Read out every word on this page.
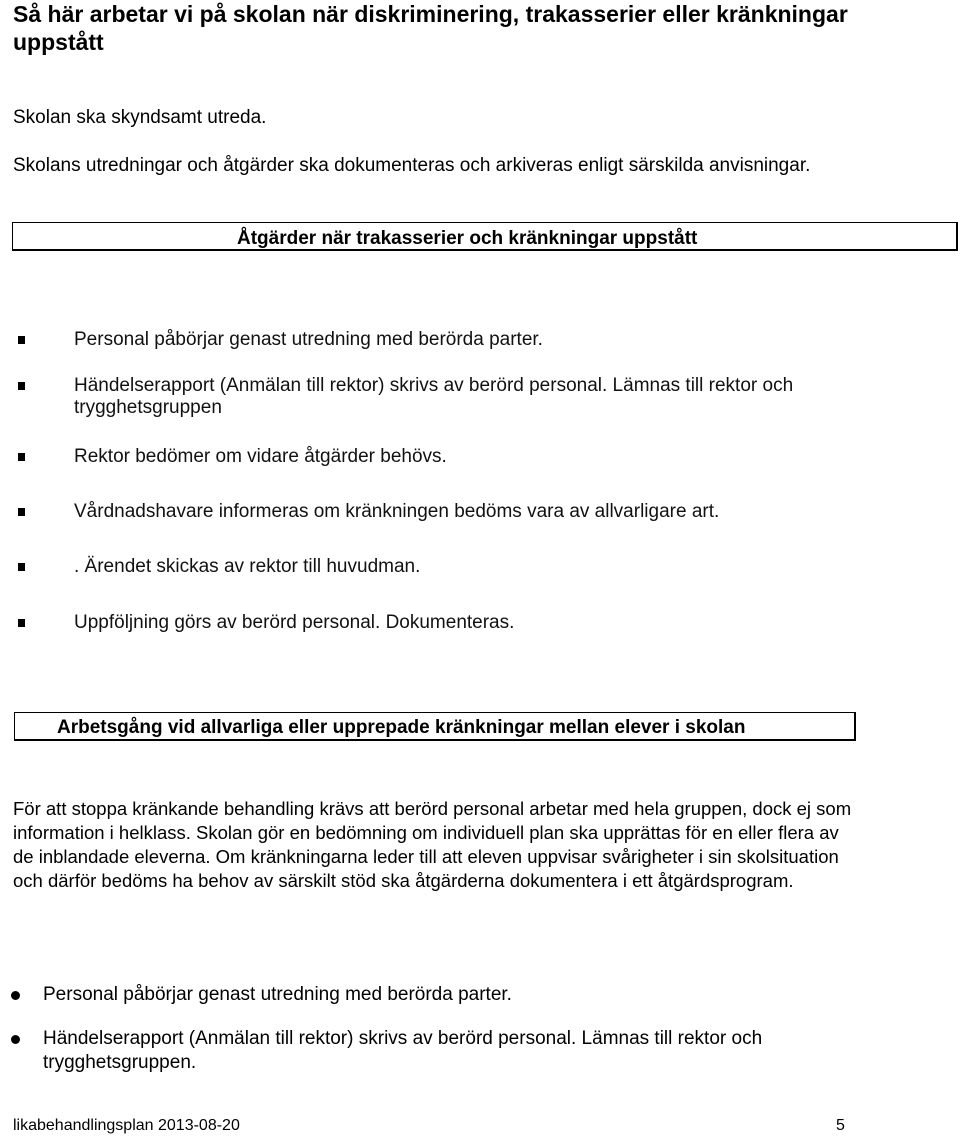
Så här arbetar vi på skolan när diskriminering, trakasserier eller kränkningar uppstått
Skolan ska skyndsamt utreda.
Skolans utredningar och åtgärder ska dokumenteras och arkiveras enligt särskilda anvisningar.
Åtgärder när trakasserier och kränkningar uppstått
Personal påbörjar genast utredning med berörda parter.
Händelserapport (Anmälan till rektor) skrivs av berörd personal. Lämnas till rektor och trygghetsgruppen
Rektor bedömer om vidare åtgärder behövs.
Vårdnadshavare informeras om kränkningen bedöms vara av allvarligare art.
. Ärendet skickas av rektor till huvudman.
Uppföljning görs av berörd personal. Dokumenteras.
Arbetsgång vid allvarliga eller upprepade kränkningar mellan elever i skolan
För att stoppa kränkande behandling krävs att berörd personal arbetar med hela gruppen, dock ej som information i helklass. Skolan gör en bedömning om individuell plan ska upprättas för en eller flera av de inblandade eleverna. Om kränkningarna leder till att eleven uppvisar svårigheter i sin skolsituation och därför bedöms ha behov av särskilt stöd ska åtgärderna dokumentera i ett åtgärdsprogram.
Personal påbörjar genast utredning med berörda parter.
Händelserapport (Anmälan till rektor) skrivs av berörd personal. Lämnas till rektor och trygghetsgruppen.
likabehandlingsplan 2013-08-20	5
